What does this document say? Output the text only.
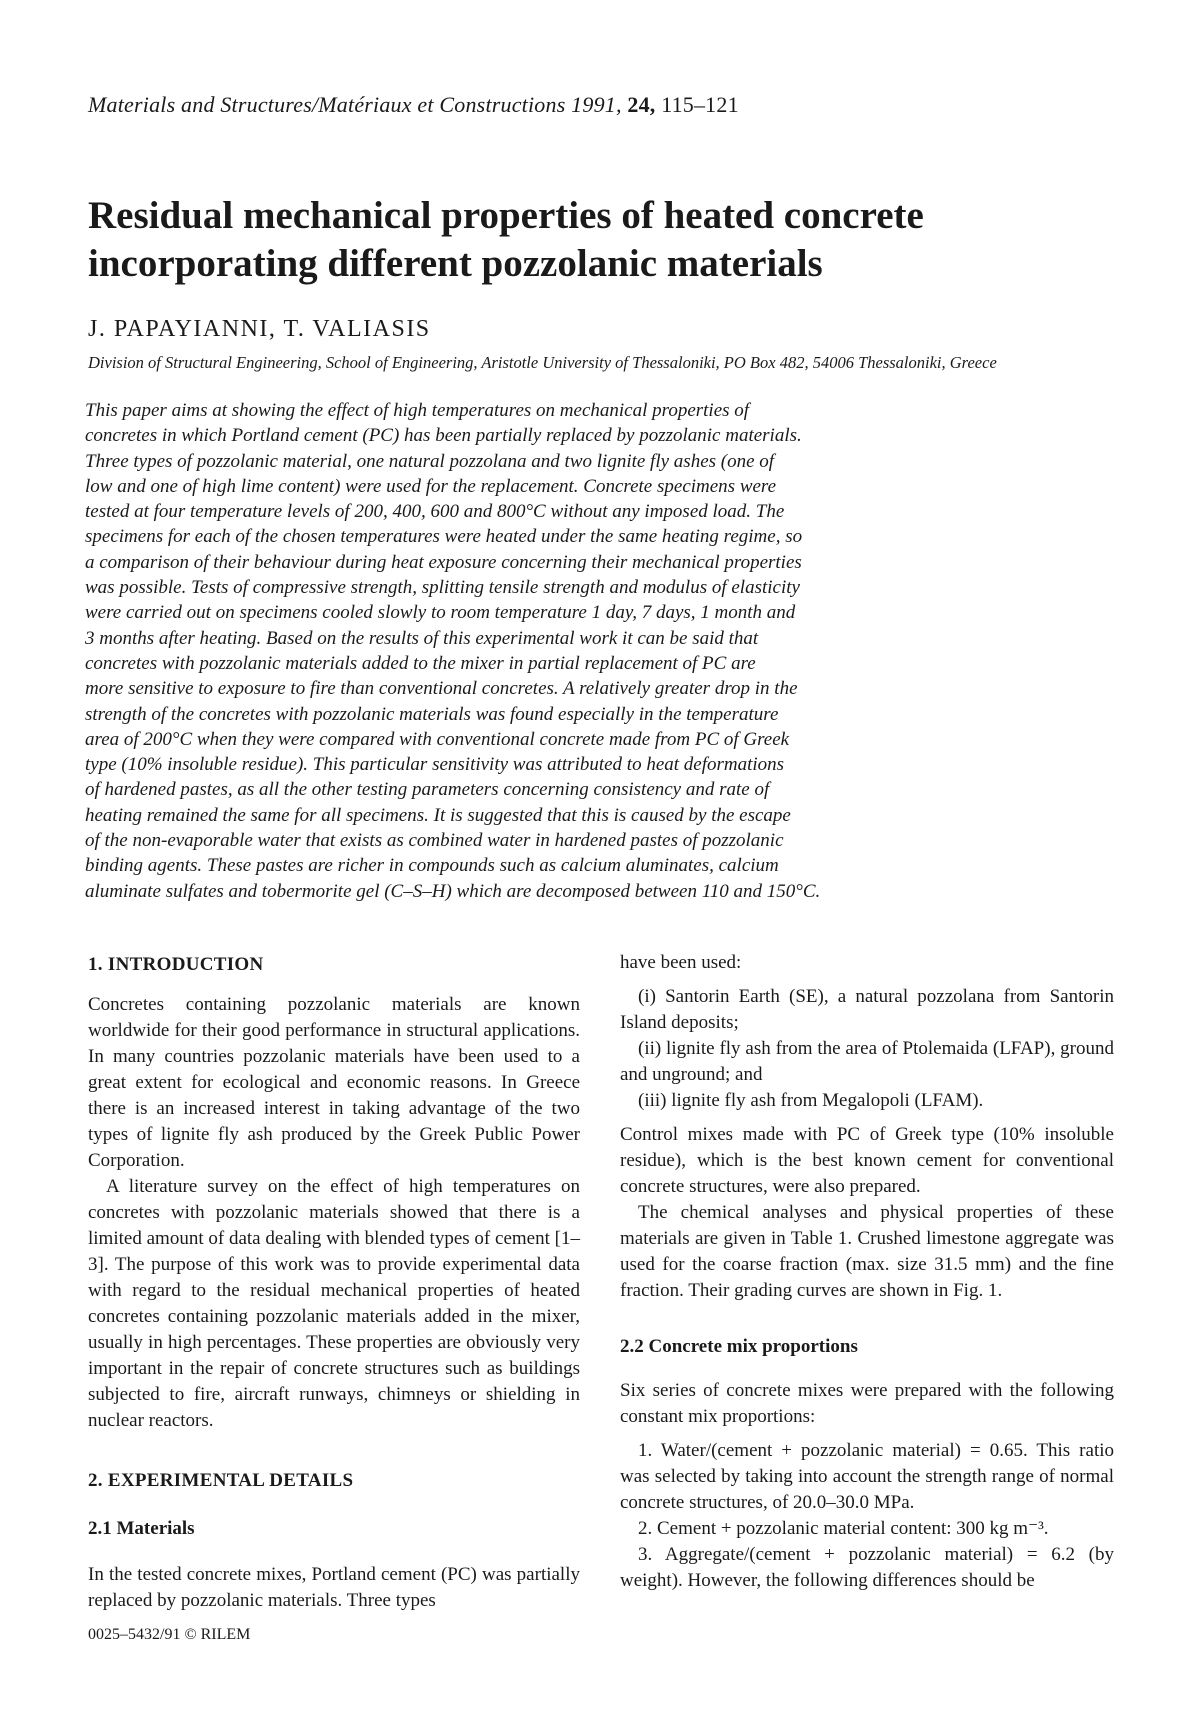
Materials and Structures/Matériaux et Constructions 1991, 24, 115–121
Residual mechanical properties of heated concrete incorporating different pozzolanic materials
J. PAPAYIANNI, T. VALIASIS
Division of Structural Engineering, School of Engineering, Aristotle University of Thessaloniki, PO Box 482, 54006 Thessaloniki, Greece
This paper aims at showing the effect of high temperatures on mechanical properties of
concretes in which Portland cement (PC) has been partially replaced by pozzolanic materials.
Three types of pozzolanic material, one natural pozzolana and two lignite fly ashes (one of
low and one of high lime content) were used for the replacement. Concrete specimens were
tested at four temperature levels of 200, 400, 600 and 800°C without any imposed load. The
specimens for each of the chosen temperatures were heated under the same heating regime, so
a comparison of their behaviour during heat exposure concerning their mechanical properties
was possible. Tests of compressive strength, splitting tensile strength and modulus of elasticity
were carried out on specimens cooled slowly to room temperature 1 day, 7 days, 1 month and
3 months after heating. Based on the results of this experimental work it can be said that
concretes with pozzolanic materials added to the mixer in partial replacement of PC are
more sensitive to exposure to fire than conventional concretes. A relatively greater drop in the
strength of the concretes with pozzolanic materials was found especially in the temperature
area of 200°C when they were compared with conventional concrete made from PC of Greek
type (10% insoluble residue). This particular sensitivity was attributed to heat deformations
of hardened pastes, as all the other testing parameters concerning consistency and rate of
heating remained the same for all specimens. It is suggested that this is caused by the escape
of the non-evaporable water that exists as combined water in hardened pastes of pozzolanic
binding agents. These pastes are richer in compounds such as calcium aluminates, calcium
aluminate sulfates and tobermorite gel (C–S–H) which are decomposed between 110 and 150°C.
1. INTRODUCTION

Concretes containing pozzolanic materials are known worldwide for their good performance in structural applications. In many countries pozzolanic materials have been used to a great extent for ecological and economic reasons. In Greece there is an increased interest in taking advantage of the two types of lignite fly ash produced by the Greek Public Power Corporation.

A literature survey on the effect of high temperatures on concretes with pozzolanic materials showed that there is a limited amount of data dealing with blended types of cement [1–3]. The purpose of this work was to provide experimental data with regard to the residual mechanical properties of heated concretes containing pozzolanic materials added in the mixer, usually in high percentages. These properties are obviously very important in the repair of concrete structures such as buildings subjected to fire, aircraft runways, chimneys or shielding in nuclear reactors.

2. EXPERIMENTAL DETAILS
2.1 Materials

In the tested concrete mixes, Portland cement (PC) was partially replaced by pozzolanic materials. Three types

have been used:

(i) Santorin Earth (SE), a natural pozzolana from Santorin Island deposits;

(ii) lignite fly ash from the area of Ptolemaida (LFAP), ground and unground; and

(iii) lignite fly ash from Megalopoli (LFAM).

Control mixes made with PC of Greek type (10% insoluble residue), which is the best known cement for conventional concrete structures, were also prepared.

The chemical analyses and physical properties of these materials are given in Table 1. Crushed limestone aggregate was used for the coarse fraction (max. size 31.5 mm) and the fine fraction. Their grading curves are shown in Fig. 1.

2.2 Concrete mix proportions

Six series of concrete mixes were prepared with the following constant mix proportions:

1. Water/(cement + pozzolanic material) = 0.65. This ratio was selected by taking into account the strength range of normal concrete structures, of 20.0–30.0 MPa.

2. Cement + pozzolanic material content: 300 kg m⁻³.

3. Aggregate/(cement + pozzolanic material) = 6.2 (by weight). However, the following differences should be

0025–5432/91 © RILEM
